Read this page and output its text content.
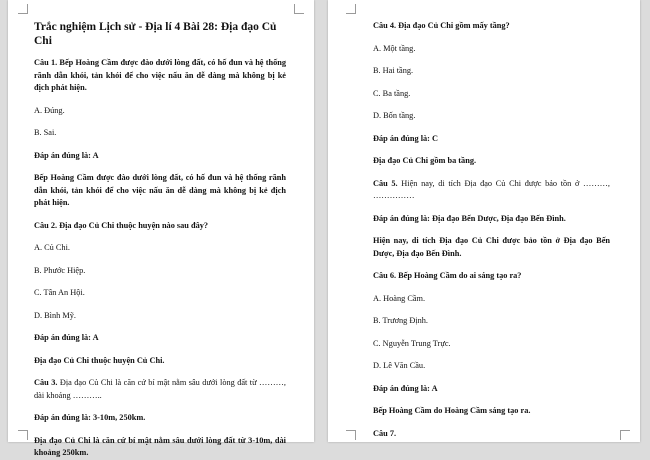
Trắc nghiệm Lịch sử - Địa lí 4 Bài 28: Địa đạo Củ Chi
Câu 1. Bếp Hoàng Cầm được đào dưới lòng đất, có hố đun và hệ thống rãnh dẫn khói, tản khói để cho việc nấu ăn dễ dàng mà không bị kẻ địch phát hiện.
A. Đúng.
B. Sai.
Đáp án đúng là: A
Bếp Hoàng Cầm được đào dưới lòng đất, có hố đun và hệ thống rãnh dẫn khói, tản khói để cho việc nấu ăn dễ dàng mà không bị kẻ địch phát hiện.
Câu 2. Địa đạo Củ Chi thuộc huyện nào sau đây?
A. Củ Chi.
B. Phước Hiệp.
C. Tân An Hội.
D. Bình Mỹ.
Đáp án đúng là: A
Địa đạo Củ Chi thuộc huyện Củ Chi.
Câu 3. Địa đạo Củ Chi là căn cứ bí mật nằm sâu dưới lòng đất từ ………, dài khoảng ………..
Đáp án đúng là: 3-10m, 250km.
Địa đạo Củ Chi là căn cứ bí mật nằm sâu dưới lòng đất từ 3-10m, dài khoảng 250km.
Câu 4. Địa đạo Củ Chi gồm mấy tầng?
A. Một tầng.
B. Hai tầng.
C. Ba tầng.
D. Bốn tầng.
Đáp án đúng là: C
Địa đạo Củ Chi gồm ba tầng.
Câu 5. Hiện nay, di tích Địa đạo Củ Chi được bảo tồn ở ………, ……………
Đáp án đúng là: Địa đạo Bến Dược, Địa đạo Bến Đình.
Hiện nay, di tích Địa đạo Củ Chi được bảo tồn ở Địa đạo Bến Dược, Địa đạo Bến Đình.
Câu 6. Bếp Hoàng Cầm do ai sáng tạo ra?
A. Hoàng Cầm.
B. Trương Định.
C. Nguyễn Trung Trực.
D. Lê Văn Cầu.
Đáp án đúng là: A
Bếp Hoàng Cầm do Hoàng Cầm sáng tạo ra.
Câu 7.
